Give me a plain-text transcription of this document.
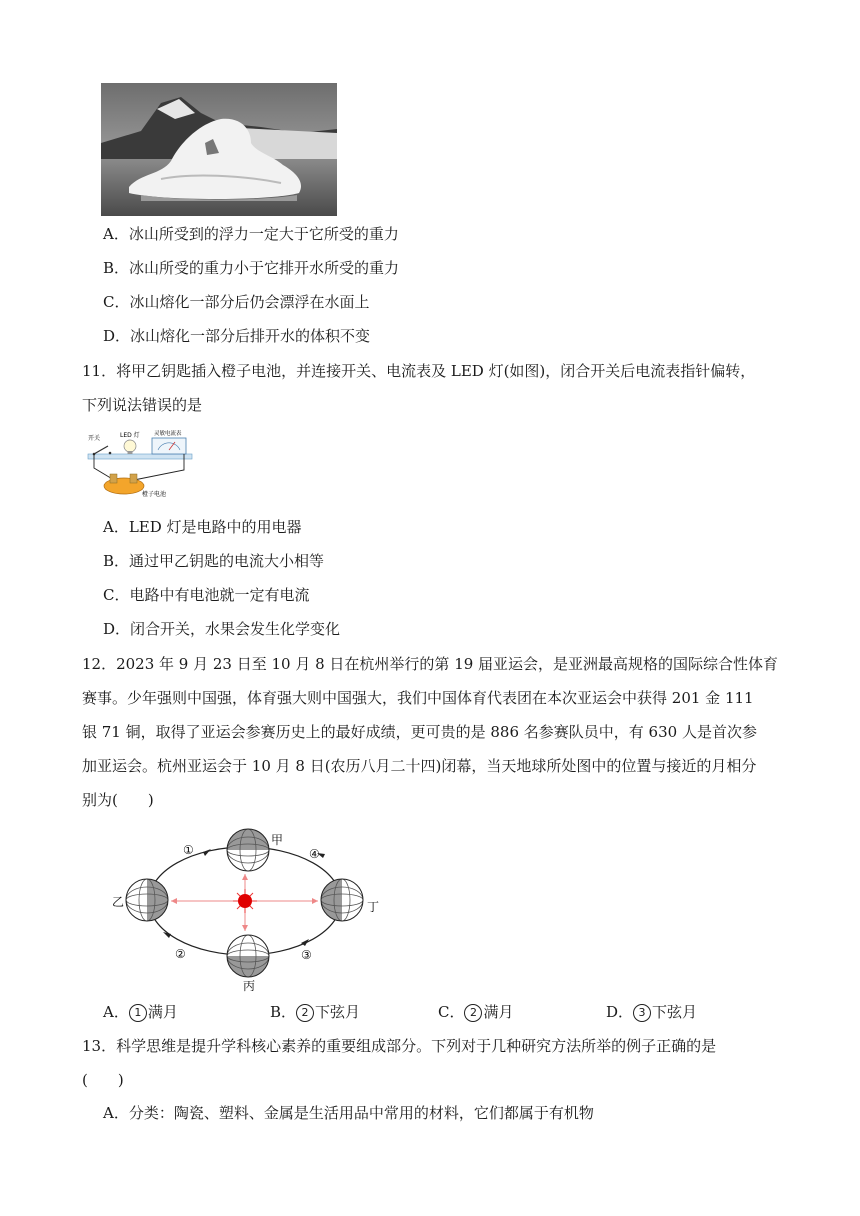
A．冰山所受到的浮力一定大于它所受的重力
B．冰山所受的重力小于它排开水所受的重力
C．冰山熔化一部分后仍会漂浮在水面上
D．冰山熔化一部分后排开水的体积不变
11．将甲乙钥匙插入橙子电池，并连接开关、电流表及 LED 灯(如图)，闭合开关后电流表指针偏转，
下列说法错误的是
开关	LED 灯	灵敏电流表
橙子电池
A．LED 灯是电路中的用电器
B．通过甲乙钥匙的电流大小相等
C．电路中有电池就一定有电流
D．闭合开关，水果会发生化学变化
12．2023 年 9 月 23 日至 10 月 8 日在杭州举行的第 19 届亚运会，是亚洲最高规格的国际综合性体育
赛事。少年强则中国强，体育强大则中国强大，我们中国体育代表团在本次亚运会中获得 201 金 111
银 71 铜，取得了亚运会参赛历史上的最好成绩，更可贵的是 886 名参赛队员中，有 630 人是首次参
加亚运会。杭州亚运会于 10 月 8 日(农历八月二十四)闭幕，当天地球所处图中的位置与接近的月相分
别为(　　)
甲
乙
丙
丁
①
②	③
④
A． 1 满月	B． 2 下弦月	C． 2 满月	D． 3 下弦月
13．科学思维是提升学科核心素养的重要组成部分。下列对于几种研究方法所举的例子正确的是
(　　)
A．分类：陶瓷、塑料、金属是生活用品中常用的材料，它们都属于有机物
